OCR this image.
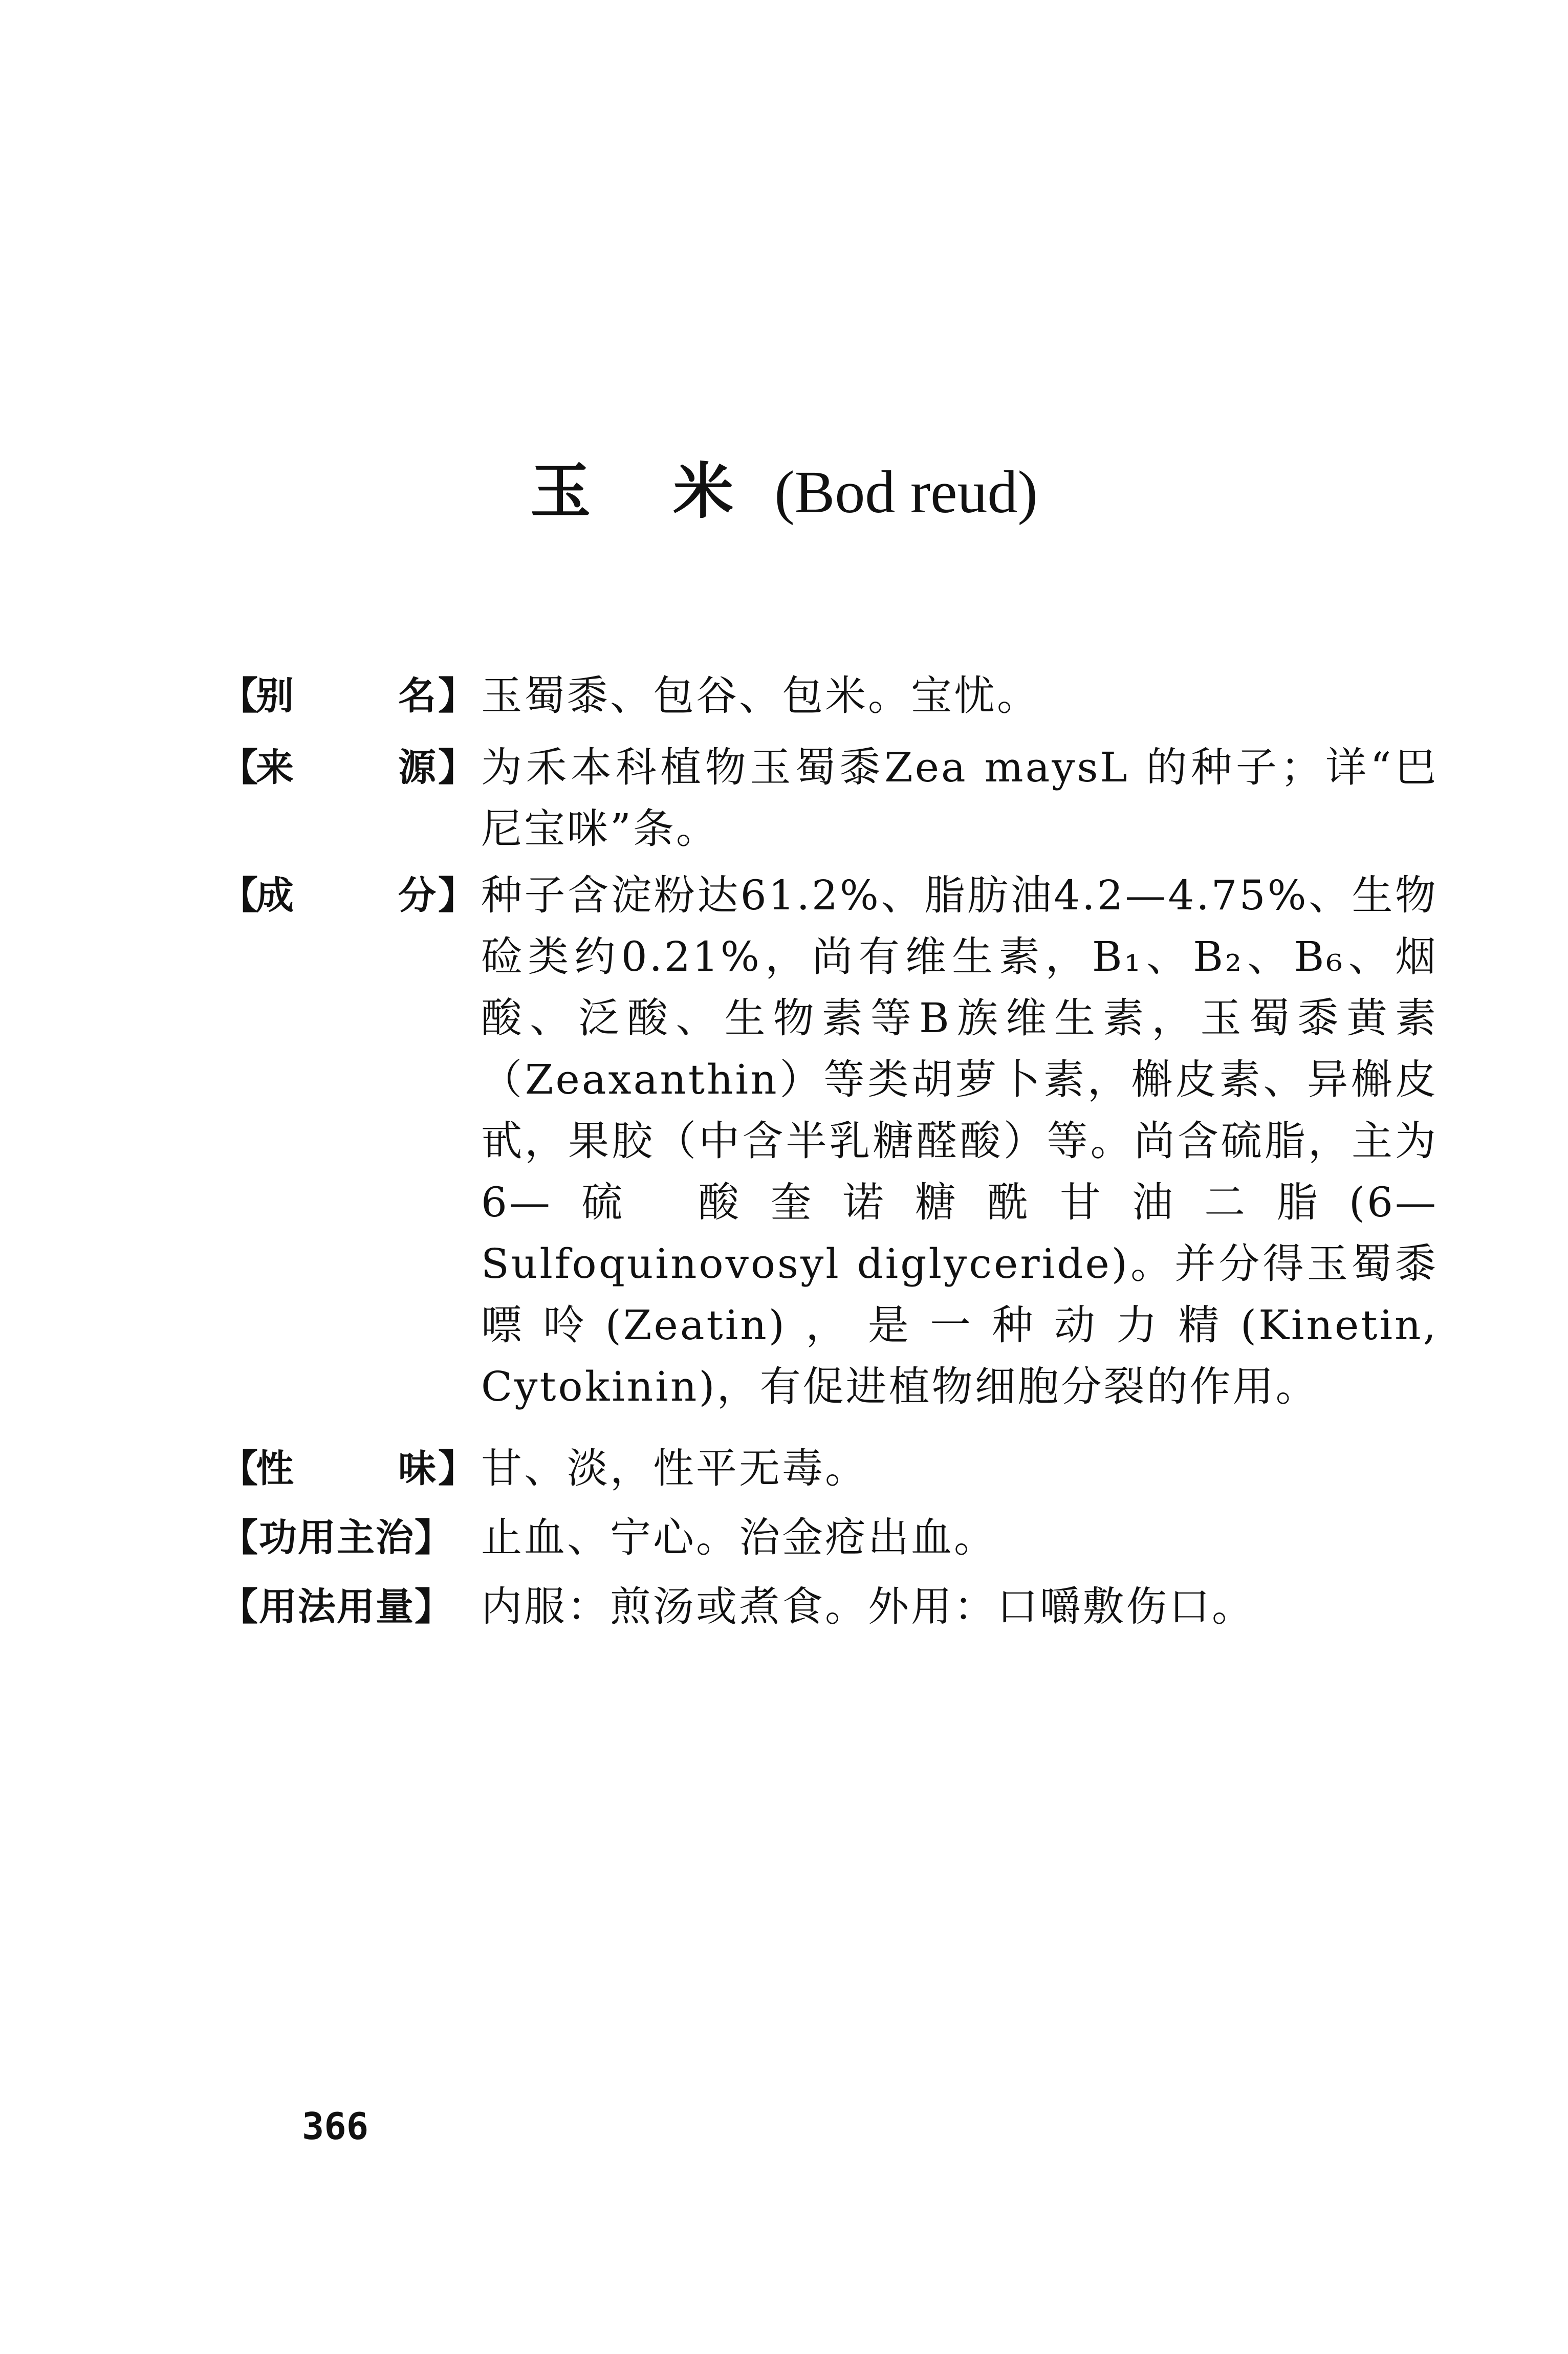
玉 米 (Bod reud)
【
别	名 】 玉蜀黍、包谷、包米。宝忧。
【
来	源 】 为禾本科植物玉蜀黍Zea maysL 的种子；详“巴尼宝咪”条。
【
成	分 】 种子含淀粉达61.2%、脂肪油4.2—4.75%、生物硷类约0.21%，尚有维生素，B₁、B₂、B₆、烟酸、泛酸、生物素等B族维生素，玉蜀黍黄素（Zeaxanthin）等类胡萝卜素，槲皮素、异槲皮甙，果胶（中含半乳糖醛酸）等。尚含硫脂，主为6—硫 酸奎诺糖酰甘油二脂(6—Sulfoquinovosyl diglyceride)。并分得玉蜀黍嘌呤(Zeatin)，是一种动力精(Kinetin, Cytokinin)，有促进植物细胞分裂的作用。
【
性	味 】 甘、淡，性平无毒。
【功用主治】 止血、宁心。治金疮出血。
【用法用量】 内服：煎汤或煮食。外用：口嚼敷伤口。
366
